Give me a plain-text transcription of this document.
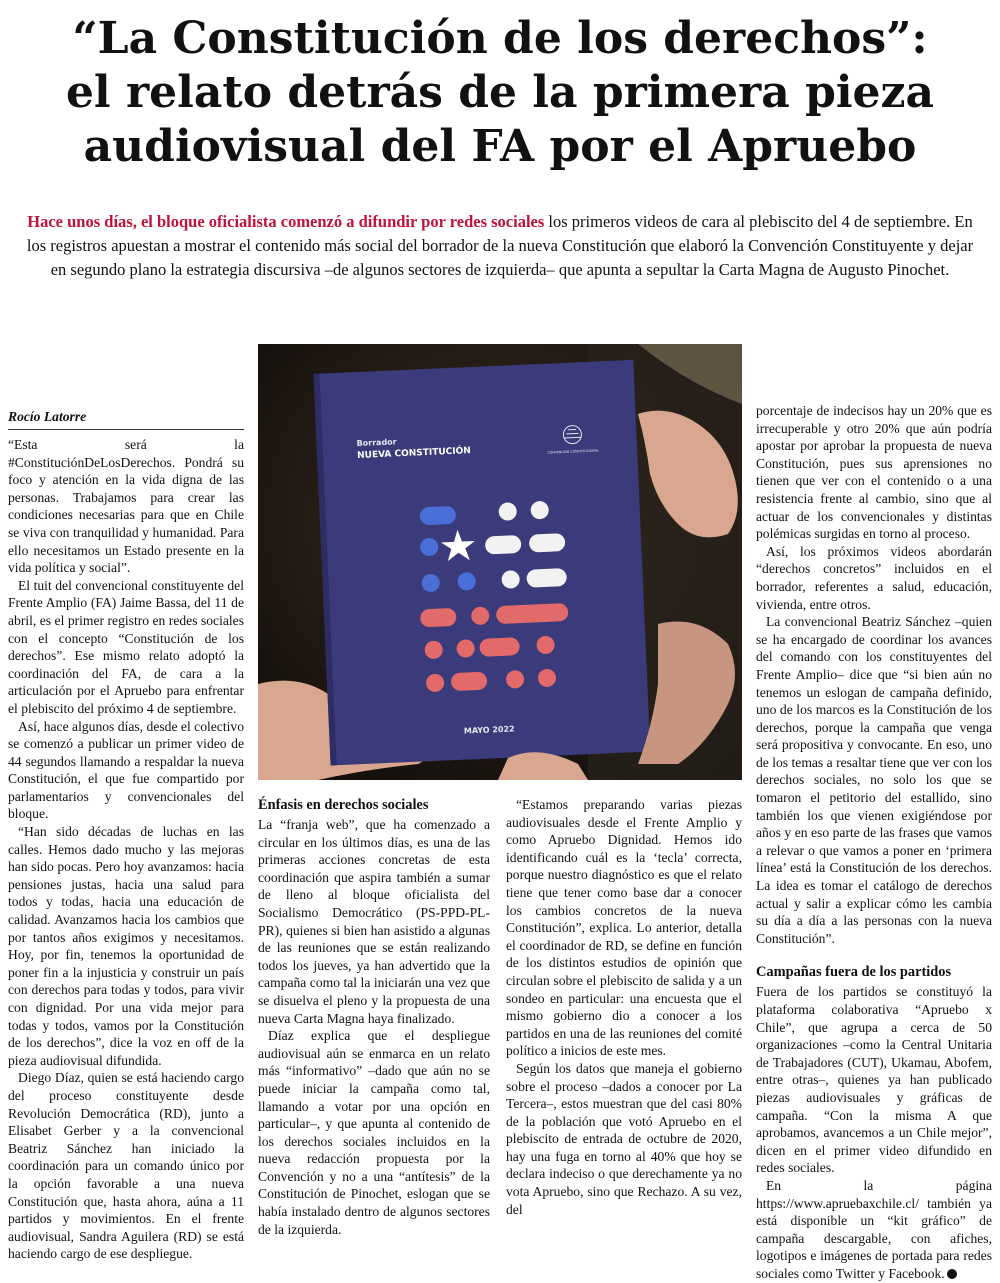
“La Constitución de los derechos”:
el relato detrás de la primera pieza
audiovisual del FA por el Apruebo

Hace unos días, el bloque oficialista comenzó a difundir por redes sociales los primeros videos de cara al plebiscito del 4 de septiembre. En los registros apuestan a mostrar el contenido más social del borrador de la nueva Constitución que elaboró la Convención Constituyente y dejar en segundo plano la estrategia discursiva –de algunos sectores de izquierda– que apunta a sepultar la Carta Magna de Augusto Pinochet.

Borrador
NUEVA CONSTITUCIÓN	CONVENCIÓN CONSTITUCIONAL
MAYO 2022
Rocío Latorre

“Esta será la #ConstituciónDeLosDerechos. Pondrá su foco y atención en la vida digna de las personas. Trabajamos para crear las condiciones necesarias para que en Chile se viva con tranquilidad y humanidad. Para ello necesitamos un Estado presente en la vida política y social”.

El tuit del convencional constituyente del Frente Amplio (FA) Jaime Bassa, del 11 de abril, es el primer registro en redes sociales con el concepto “Constitución de los derechos”. Ese mismo relato adoptó la coordinación del FA, de cara a la articulación por el Apruebo para enfrentar el plebiscito del próximo 4 de septiembre.

Así, hace algunos días, desde el colectivo se comenzó a publicar un primer video de 44 segundos llamando a respaldar la nueva Constitución, el que fue compartido por parlamentarios y convencionales del bloque.

“Han sido décadas de luchas en las calles. Hemos dado mucho y las mejoras han sido pocas. Pero hoy avanzamos: hacia pensiones justas, hacia una salud para todos y todas, hacia una educación de calidad. Avanzamos hacia los cambios que por tantos años exigimos y necesitamos. Hoy, por fin, tenemos la oportunidad de poner fin a la injusticia y construir un país con derechos para todas y todos, para vivir con dignidad. Por una vida mejor para todas y todos, vamos por la Constitución de los derechos”, dice la voz en off de la pieza audiovisual difundida.

Diego Díaz, quien se está haciendo cargo del proceso constituyente desde Revolución Democrática (RD), junto a Elisabet Gerber y a la convencional Beatriz Sánchez han iniciado la coordinación para un comando único por la opción favorable a una nueva Constitución que, hasta ahora, aúna a 11 partidos y movimientos. En el frente audiovisual, Sandra Aguilera (RD) se está haciendo cargo de ese despliegue.

Énfasis en derechos sociales

La “franja web”, que ha comenzado a circular en los últimos días, es una de las primeras acciones concretas de esta coordinación que aspira también a sumar de lleno al bloque oficialista del Socialismo Democrático (PS-PPD-PL-PR), quienes si bien han asistido a algunas de las reuniones que se están realizando todos los jueves, ya han advertido que la campaña como tal la iniciarán una vez que se disuelva el pleno y la propuesta de una nueva Carta Magna haya finalizado.

Díaz explica que el despliegue audiovisual aún se enmarca en un relato más “informativo” –dado que aún no se puede iniciar la campaña como tal, llamando a votar por una opción en particular–, y que apunta al contenido de los derechos sociales incluidos en la nueva redacción propuesta por la Convención y no a una “antítesis” de la Constitución de Pinochet, eslogan que se había instalado dentro de algunos sectores de la izquierda.

“Estamos preparando varias piezas audiovisuales desde el Frente Amplio y como Apruebo Dignidad. Hemos ido identificando cuál es la ‘tecla’ correcta, porque nuestro diagnóstico es que el relato tiene que tener como base dar a conocer los cambios concretos de la nueva Constitución”, explica. Lo anterior, detalla el coordinador de RD, se define en función de los distintos estudios de opinión que circulan sobre el plebiscito de salida y a un sondeo en particular: una encuesta que el mismo gobierno dio a conocer a los partidos en una de las reuniones del comité político a inicios de este mes.

Según los datos que maneja el gobierno sobre el proceso –dados a conocer por La Tercera–, estos muestran que del casi 80% de la población que votó Apruebo en el plebiscito de entrada de octubre de 2020, hay una fuga en torno al 40% que hoy se declara indeciso o que derechamente ya no vota Apruebo, sino que Rechazo. A su vez, del

porcentaje de indecisos hay un 20% que es irrecuperable y otro 20% que aún podría apostar por aprobar la propuesta de nueva Constitución, pues sus aprensiones no tienen que ver con el contenido o a una resistencia frente al cambio, sino que al actuar de los convencionales y distintas polémicas surgidas en torno al proceso.

Así, los próximos videos abordarán “derechos concretos” incluidos en el borrador, referentes a salud, educación, vivienda, entre otros.

La convencional Beatriz Sánchez –quien se ha encargado de coordinar los avances del comando con los constituyentes del Frente Amplio– dice que “si bien aún no tenemos un eslogan de campaña definido, uno de los marcos es la Constitución de los derechos, porque la campaña que venga será propositiva y convocante. En eso, uno de los temas a resaltar tiene que ver con los derechos sociales, no solo los que se tomaron el petitorio del estallido, sino también los que vienen exigiéndose por años y en eso parte de las frases que vamos a relevar o que vamos a poner en ‘primera línea’ está la Constitución de los derechos. La idea es tomar el catálogo de derechos actual y salir a explicar cómo les cambia su día a día a las personas con la nueva Constitución”.

Campañas fuera de los partidos

Fuera de los partidos se constituyó la plataforma colaborativa “Apruebo x Chile”, que agrupa a cerca de 50 organizaciones –como la Central Unitaria de Trabajadores (CUT), Ukamau, Abofem, entre otras–, quienes ya han publicado piezas audiovisuales y gráficas de campaña. “Con la misma A que aprobamos, avancemos a un Chile mejor”, dicen en el primer video difundido en redes sociales.

En la página https://www.apruebaxchile.cl/ también ya está disponible un “kit gráfico” de campaña descargable, con afiches, logotipos e imágenes de portada para redes sociales como Twitter y Facebook.
